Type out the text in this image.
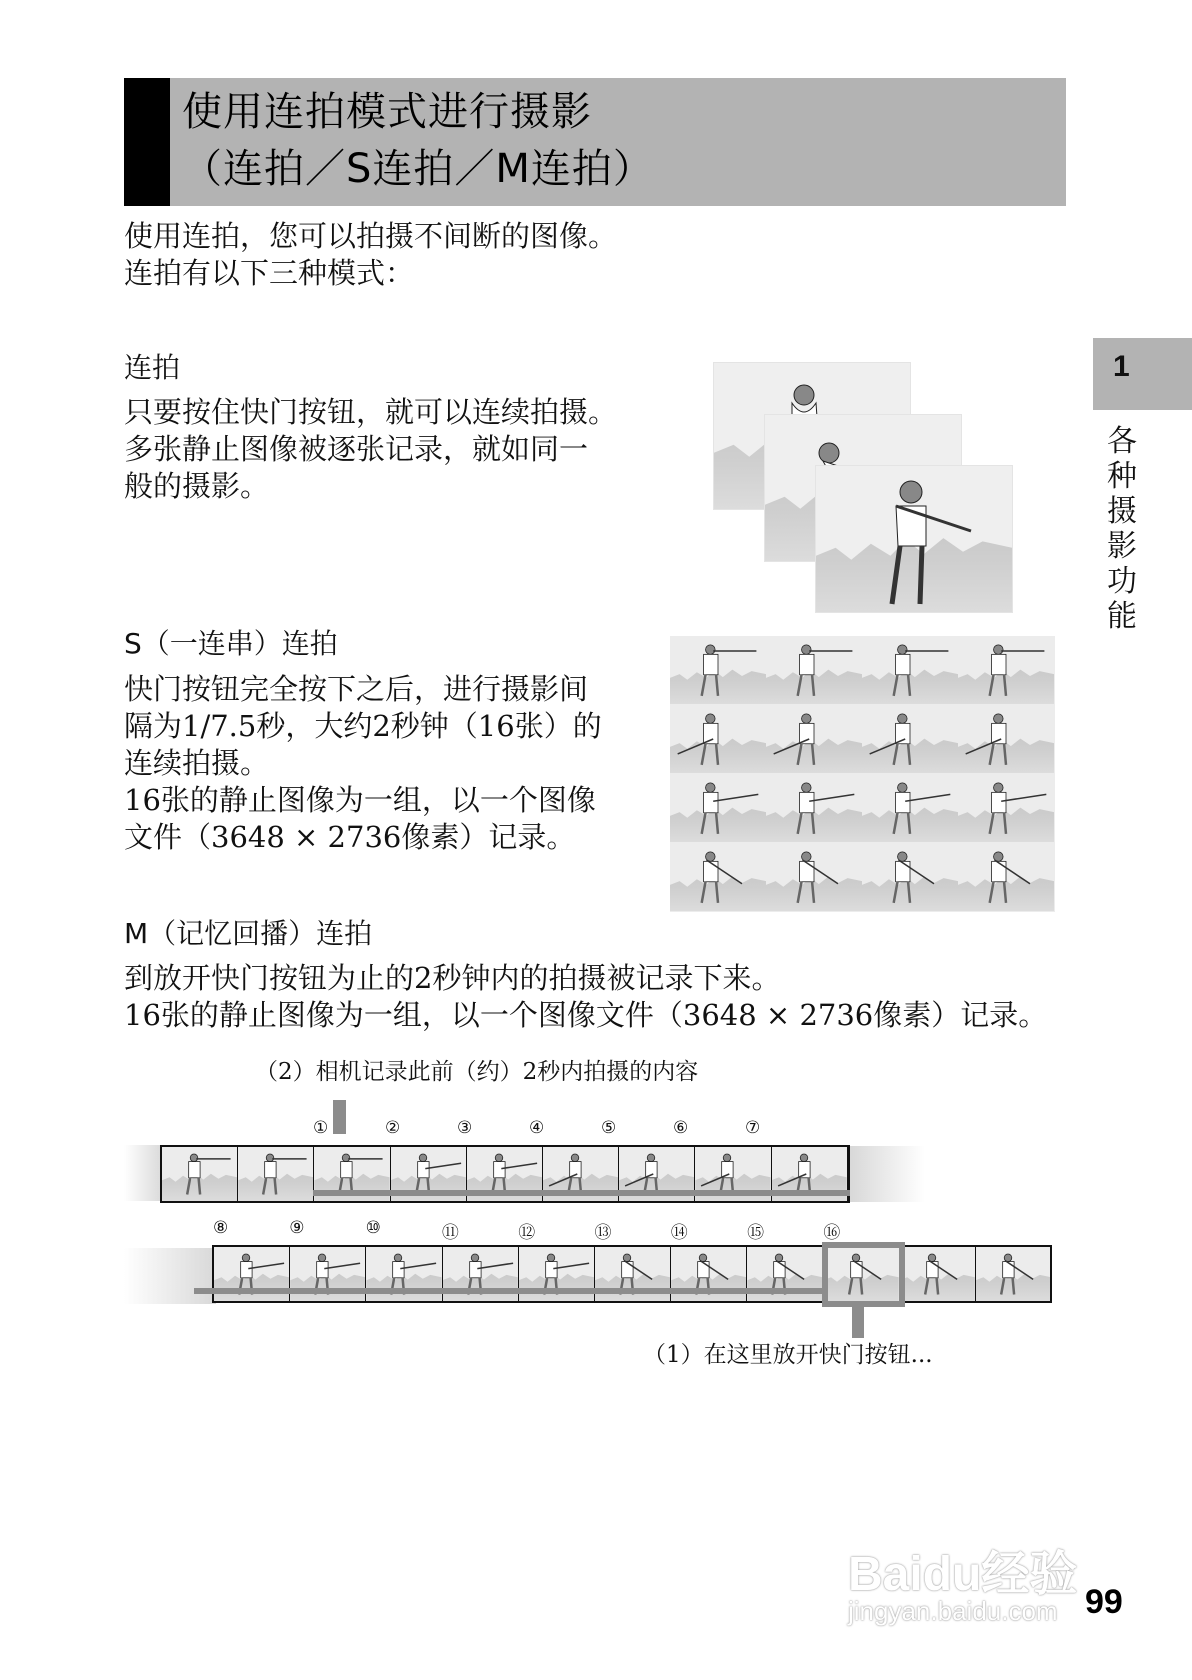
使用连拍模式进行摄影
（连拍／S连拍／M连拍）
使用连拍，您可以拍摄不间断的图像。
连拍有以下三种模式：
1
各种摄影功能
连拍
只要按住快门按钮，就可以连续拍摄。
多张静止图像被逐张记录，就如同一
般的摄影。
S（一连串）连拍
快门按钮完全按下之后，进行摄影间
隔为1/7.5秒，大约2秒钟（16张）的
连续拍摄。
16张的静止图像为一组，以一个图像
文件（3648 × 2736像素）记录。
M（记忆回播）连拍
到放开快门按钮为止的2秒钟内的拍摄被记录下来。
16张的静止图像为一组，以一个图像文件（3648 × 2736像素）记录。
（2）相机记录此前（约）2秒内拍摄的内容
①	②	③	④	⑤	⑥	⑦
⑧	⑨	⑩	⑪	⑫	⑬	⑭	⑮	⑯
（1）在这里放开快门按钮...
Baidu经验
jingyan.baidu.com 99
